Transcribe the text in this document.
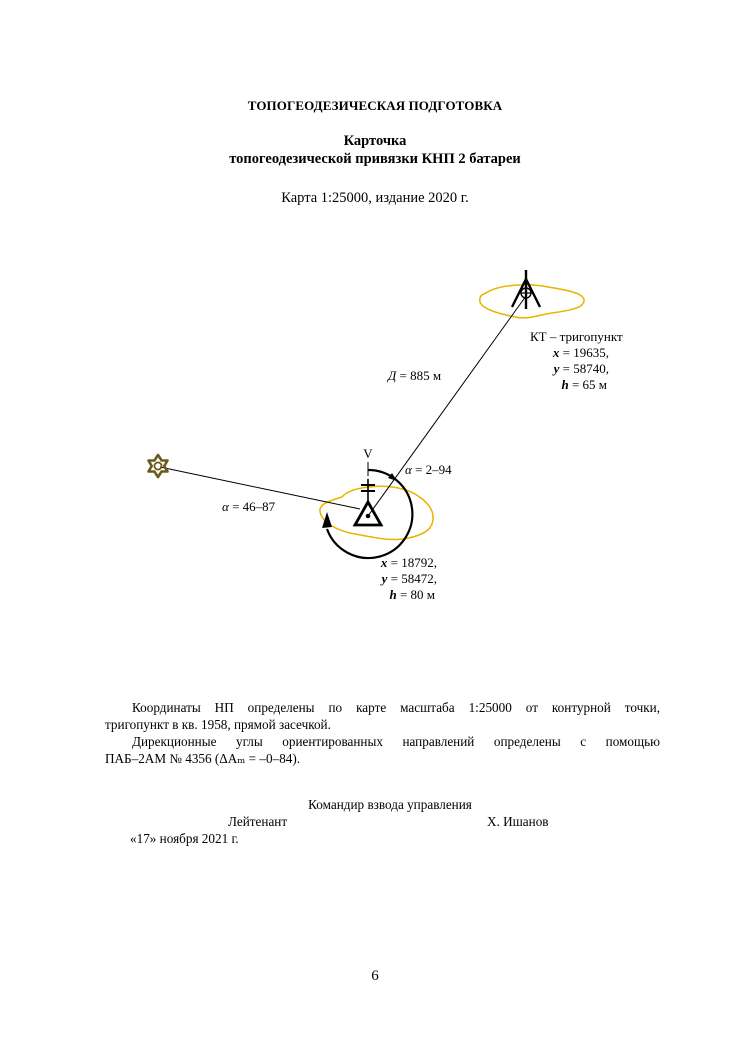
ТОПОГЕОДЕЗИЧЕСКАЯ ПОДГОТОВКА
Карточка
топогеодезической привязки КНП 2 батареи
Карта 1:25000, издание 2020 г.
V
КТ – тригопункт
x = 19635,
y = 58740,
h = 65 м
Д = 885 м
α = 2–94
α = 46–87
x = 18792,
y = 58472,
h = 80 м
Координаты НП определены по карте масштаба 1:25000 от контурной точки,
тригопункт в кв. 1958, прямой засечкой.
Дирекционные углы ориентированных направлений определены с помощью
ПАБ–2АМ № 4356 (ΔAₘ = –0–84).
Командир взвода управления
Лейтенант	Х. Ишанов
«17» ноября 2021 г.
6
